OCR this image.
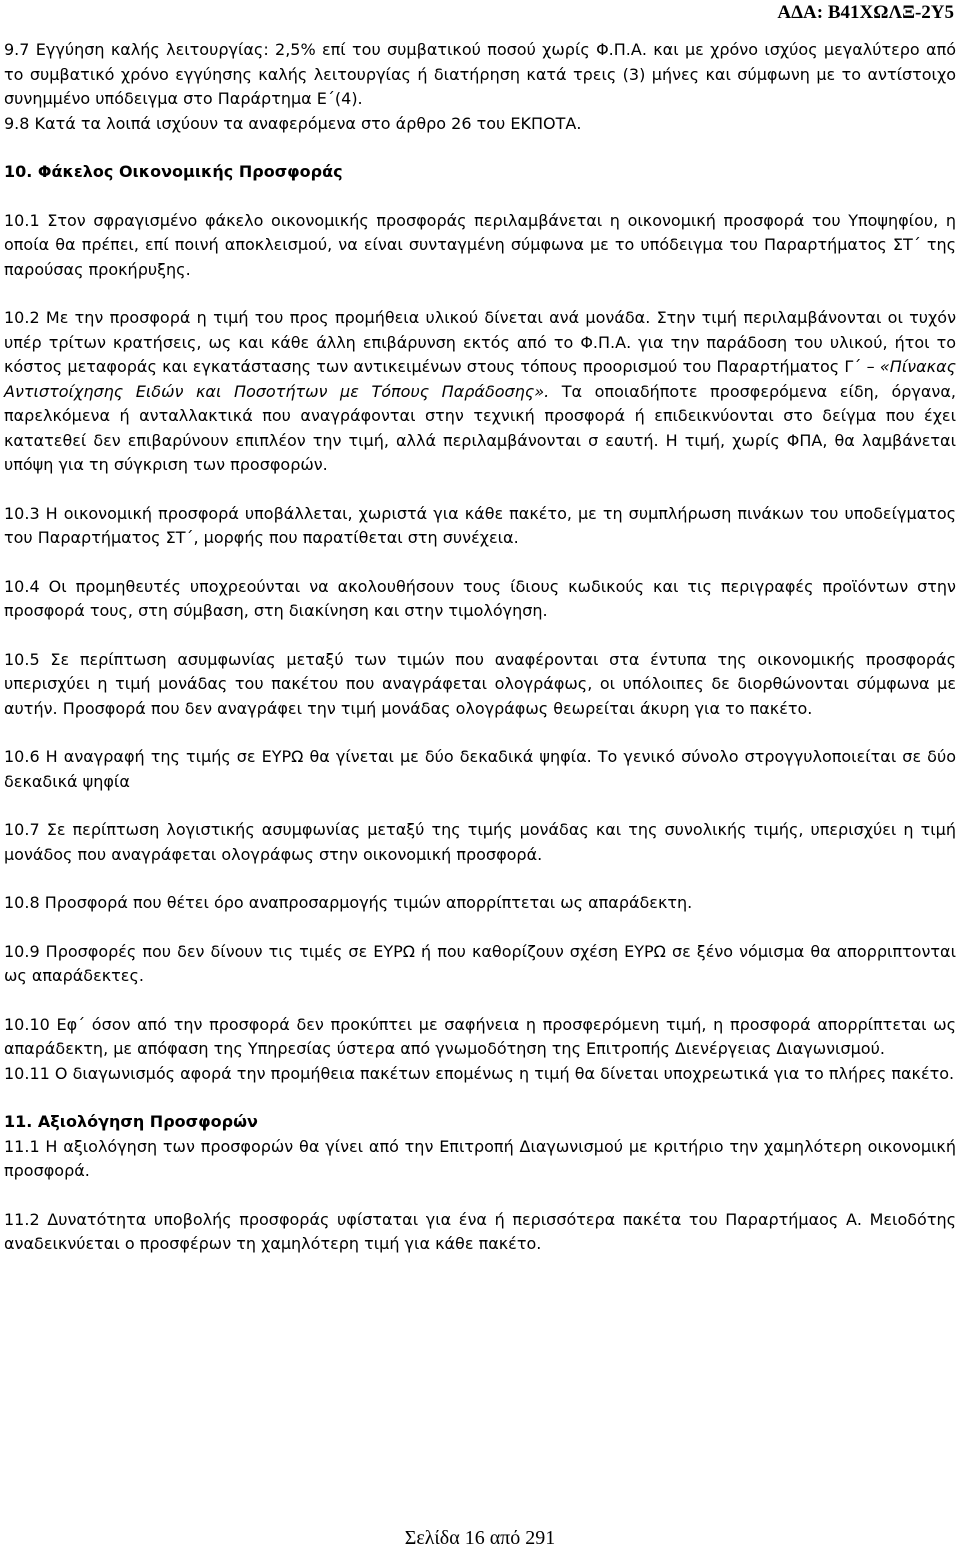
ΑΔΑ: Β41ΧΩΛΞ-2Υ5

9.7 Εγγύηση καλής λειτουργίας: 2,5% επί του συμβατικού ποσού χωρίς Φ.Π.Α. και με χρόνο ισχύος μεγαλύτερο από το συμβατικό χρόνο εγγύησης καλής λειτουργίας ή διατήρηση κατά τρεις (3) μήνες και σύμφωνη με το αντίστοιχο συνημμένο υπόδειγμα στο Παράρτημα Ε΄(4).

9.8 Κατά τα λοιπά ισχύουν τα αναφερόμενα στο άρθρο 26 του ΕΚΠΟΤΑ.

10. Φάκελος Οικονομικής Προσφοράς

10.1 Στον σφραγισμένο φάκελο οικονομικής προσφοράς περιλαμβάνεται η οικονομική προσφορά του Υποψηφίου, η οποία θα πρέπει, επί ποινή αποκλεισμού, να είναι συνταγμένη σύμφωνα με το υπόδειγμα του Παραρτήματος ΣΤ΄ της παρούσας προκήρυξης.

10.2 Με την προσφορά η τιμή του προς προμήθεια υλικού δίνεται ανά μονάδα. Στην τιμή περιλαμβάνονται οι τυχόν υπέρ τρίτων κρατήσεις, ως και κάθε άλλη επιβάρυνση εκτός από το Φ.Π.Α. για την παράδοση του υλικού, ήτοι το κόστος μεταφοράς και εγκατάστασης των αντικειμένων στους τόπους προορισμού του Παραρτήματος Γ΄ – «Πίνακας Αντιστοίχησης Ειδών και Ποσοτήτων με Τόπους Παράδοσης». Τα οποιαδήποτε προσφερόμενα είδη, όργανα, παρελκόμενα ή ανταλλακτικά που αναγράφονται στην τεχνική προσφορά ή επιδεικνύονται στο δείγμα που έχει κατατεθεί δεν επιβαρύνουν επιπλέον την τιμή, αλλά περιλαμβάνονται σ εαυτή. Η τιμή, χωρίς ΦΠΑ, θα λαμβάνεται υπόψη για τη σύγκριση των προσφορών.

10.3 Η οικονομική προσφορά υποβάλλεται, χωριστά για κάθε πακέτο, με τη συμπλήρωση πινάκων του υποδείγματος του Παραρτήματος ΣΤ΄, μορφής που παρατίθεται στη συνέχεια.

10.4 Οι προμηθευτές υποχρεούνται να ακολουθήσουν τους ίδιους κωδικούς και τις περιγραφές προϊόντων στην προσφορά τους, στη σύμβαση, στη διακίνηση και στην τιμολόγηση.

10.5 Σε περίπτωση ασυμφωνίας μεταξύ των τιμών που αναφέρονται στα έντυπα της οικονομικής προσφοράς υπερισχύει η τιμή μονάδας του πακέτου που αναγράφεται ολογράφως, οι υπόλοιπες δε διορθώνονται σύμφωνα με αυτήν. Προσφορά που δεν αναγράφει την τιμή μονάδας ολογράφως θεωρείται άκυρη για το πακέτο.

10.6 Η αναγραφή της τιμής σε ΕΥΡΩ θα γίνεται με δύο δεκαδικά ψηφία. Το γενικό σύνολο στρογγυλοποιείται σε δύο δεκαδικά ψηφία

10.7 Σε περίπτωση λογιστικής ασυμφωνίας μεταξύ της τιμής μονάδας και της συνολικής τιμής, υπερισχύει η τιμή μονάδος που αναγράφεται ολογράφως στην οικονομική προσφορά.

10.8 Προσφορά που θέτει όρο αναπροσαρμογής τιμών απορρίπτεται ως απαράδεκτη.

10.9 Προσφορές που δεν δίνουν τις τιμές σε ΕΥΡΩ ή που καθορίζουν σχέση ΕΥΡΩ σε ξένο νόμισμα θα απορριπτονται ως απαράδεκτες.

10.10 Εφ΄ όσον από την προσφορά δεν προκύπτει με σαφήνεια η προσφερόμενη τιμή, η προσφορά απορρίπτεται ως απαράδεκτη, με απόφαση της Υπηρεσίας ύστερα από γνωμοδότηση της Επιτροπής Διενέργειας Διαγωνισμού.

10.11 Ο διαγωνισμός αφορά την προμήθεια πακέτων επομένως η τιμή θα δίνεται υποχρεωτικά για το πλήρες πακέτο.

11. Αξιολόγηση Προσφορών

11.1 Η αξιολόγηση των προσφορών θα γίνει από την Επιτροπή Διαγωνισμού με κριτήριο την χαμηλότερη οικονομική προσφορά.

11.2 Δυνατότητα υποβολής προσφοράς υφίσταται για ένα ή περισσότερα πακέτα του Παραρτήμαος Α. Μειοδότης αναδεικνύεται ο προσφέρων τη χαμηλότερη τιμή για κάθε πακέτο.

Σελίδα 16 από 291
